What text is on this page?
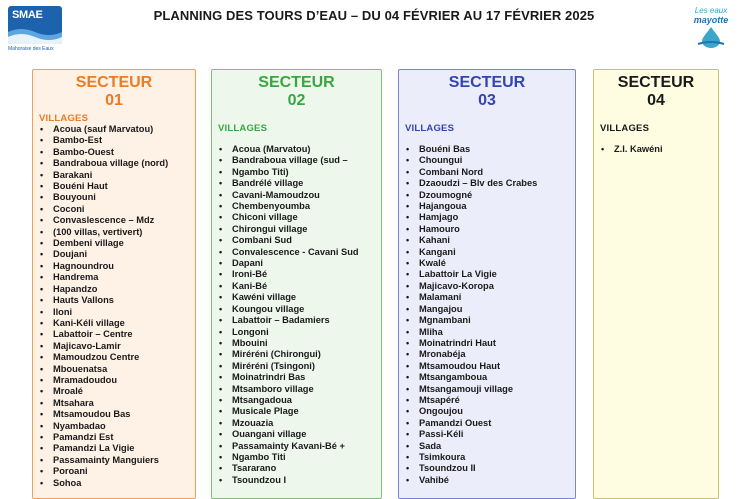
SMAE
Mahoraise des Eaux
PLANNING DES TOURS D’EAU – DU 04 FÉVRIER AU 17 FÉVRIER 2025	Les eaux
mayotte
SECTEUR
01
VILLAGES
• Acoua (sauf Marvatou)
• Bambo-Est
• Bambo-Ouest
• Bandraboua village (nord)
• Barakani
• Bouéni Haut
• Bouyouni
• Coconi
• Convaslescence – Mdz
• (100 villas, vertivert)
• Dembeni village
• Doujani
• Hagnoundrou
• Handrema
• Hapandzo
• Hauts Vallons
• Iloni
• Kani-Kéli village
• Labattoir – Centre
• Majicavo-Lamir
• Mamoudzou Centre
• Mbouenatsa
• Mramadoudou
• Mroalé
• Mtsahara
• Mtsamoudou Bas
• Nyambadao
• Pamandzi Est
• Pamandzi La Vigie
• Passamainty Manguiers
• Poroani
• Sohoa
SECTEUR
02
VILLAGES
• Acoua (Marvatou)
• Bandraboua village (sud –
• Ngambo Titi)
• Bandrélé village
• Cavani-Mamoudzou
• Chembenyoumba
• Chiconi village
• Chirongui village
• Combani Sud
• Convalescence - Cavani Sud
• Dapani
• Ironi-Bé
• Kani-Bé
• Kawéni village
• Koungou village
• Labattoir – Badamiers
• Longoni
• Mbouini
• Miréréni (Chirongui)
• Miréréni (Tsingoni)
• Moinatrindri Bas
• Mtsamboro village
• Mtsangadoua
• Musicale Plage
• Mzouazia
• Ouangani village
• Passamainty Kavani-Bé +
• Ngambo Titi
• Tsararano
• Tsoundzou I
SECTEUR
03
VILLAGES
• Bouéni Bas
• Choungui
• Combani Nord
• Dzaoudzi – Blv des Crabes
• Dzoumogné
• Hajangoua
• Hamjago
• Hamouro
• Kahani
• Kangani
• Kwalé
• Labattoir La Vigie
• Majicavo-Koropa
• Malamani
• Mangajou
• Mgnambani
• Mliha
• Moinatrindri Haut
• Mronabéja
• Mtsamoudou Haut
• Mtsangamboua
• Mtsangamouji village
• Mtsapéré
• Ongoujou
• Pamandzi Ouest
• Passi-Kéli
• Sada
• Tsimkoura
• Tsoundzou II
• Vahibé
SECTEUR
04
VILLAGES
• Z.I. Kawéni
